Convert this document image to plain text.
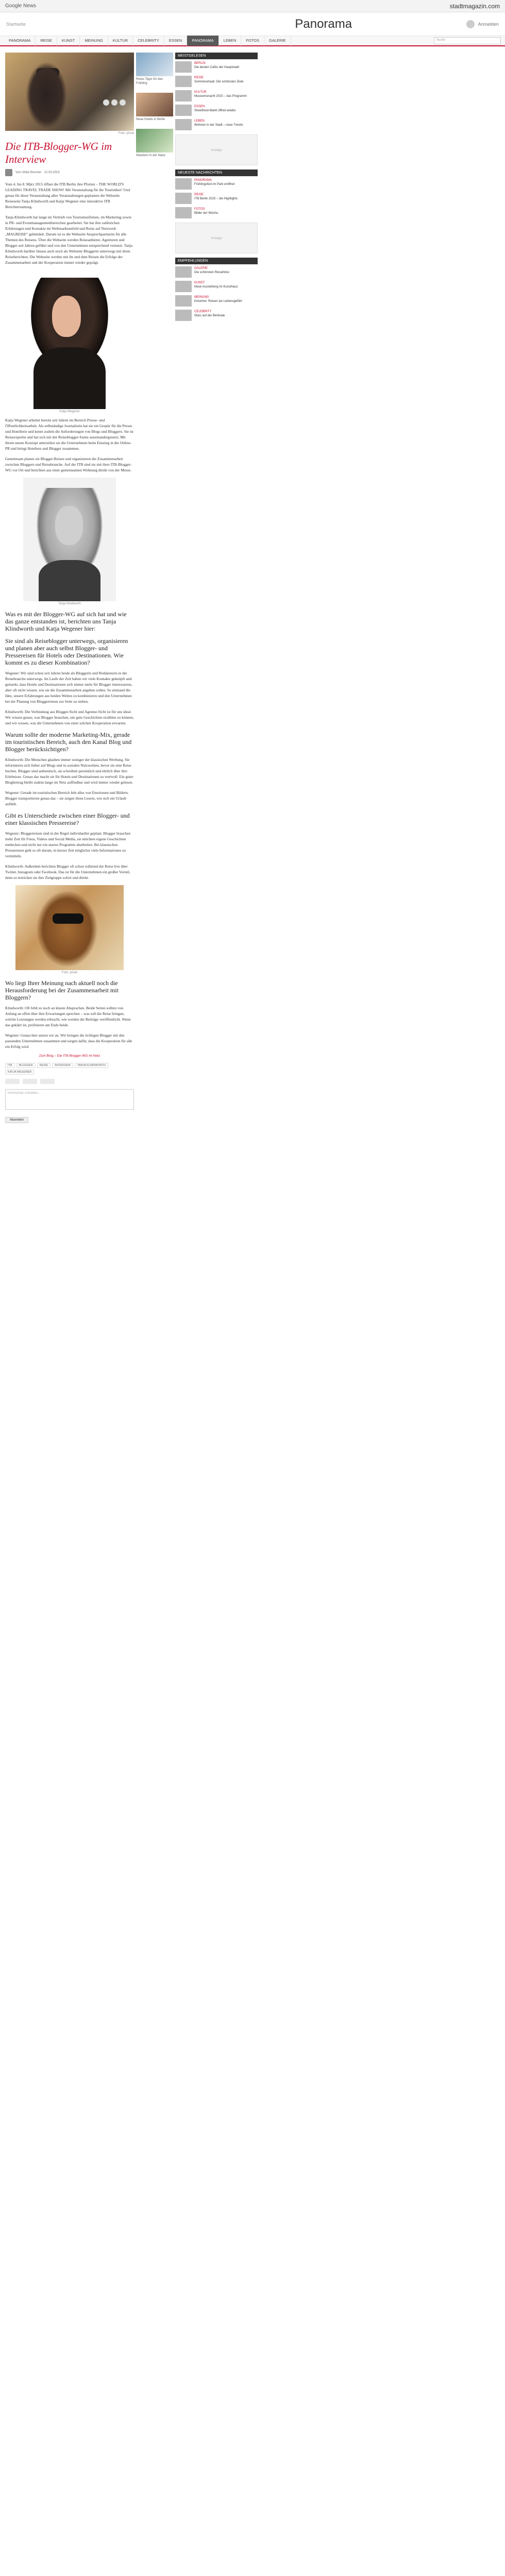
Google News	stadtmagazin.com
Startseite	Panorama	Anmelden
PANORAMA	REISE	KUNST	MEINUNG	KULTUR	CELEBRITY	ESSEN	PANORAMA	LEBEN	FOTOS	GALERIE	Suche
Foto: privat
Die ITB-Blogger-WG im Interview
Von Ulrike Brunner · 12.03.2015

Vom 4. bis 8. März 2015 öffnet die ITB Berlin ihre Pforten – THE WORLD'S LEADING TRAVEL TRADE SHOW! Mit Veranstaltung für die Touristiker! Und genau für diese Veranstaltung alles Veranstaltungen geplanten die Webseite Reiseseite Tanja Klindworth und Katja Wegener eine interaktive ITB Berichterstattung.

Tanja Klindworth hat lange im Vertrieb von Tourismusfirmen, im Marketing sowie in PR- und Eventmanagementbereichen gearbeitet. Sie hat ihre zahlreichen Erfahrungen und Kontakte im Weltmarktumfeld und Reise auf Netzwerk „MAGREISE“ gebündelt. Darum ist es die Webseite Ansprechpartnerin für alle Themen des Reisens. Über die Webseite werden Reiseanbieter, Agenturen und Blogger seit Jahren geführt und von den Unternehmen entsprechend vernetzt. Tanja Klindworth darüber hinaus auch noch als Webseite Bloggerin unterwegs mit ihren Reiseberichten. Die Webseite werden mit ihr und dem Reisen die Erfolge der Zusammenarbeit und der Kooperation immer wieder geprägt.

Katja Wegener

Katja Wegener arbeitet bereits seit Jahren im Bereich Presse- und Öffentlichkeitsarbeit. Als selbständige Journalistin hat sie ein Gespür für die Presse und Hotellerie und kennt zudem die Anforderungen von Blogs und Bloggern. Sie ist Reiseexpertin und hat sich mit der Reiseblogger-Szene auseinandergesetzt. Mit ihrem neuen Konzept unterstützt sie die Unternehmen beim Einstieg in die Online-PR und bringt Hoteliers und Blogger zusammen.

Gemeinsam planen sie Blogger-Reisen und organisieren die Zusammenarbeit zwischen Bloggern und Reisebranche. Auf der ITB sind sie mit ihrer ITB-Blogger-WG vor Ort und berichten aus einer gemeinsamen Wohnung direkt von der Messe.

Tanja Klindworth
Was es mit der Blogger-WG auf sich hat und wie das ganze entstanden ist, berichten uns Tanja Klindworth und Katja Wegener hier:
Sie sind als Reiseblogger unterwegs, organisieren und planen aber auch selbst Blogger- und Pressereisen für Hotels oder Destinationen. Wie kommt es zu dieser Kombination?

Wegener: Wir sind schon seit Jahren beide als Bloggerin und Redakteurin in der Reisebranche unterwegs. Im Laufe der Zeit haben wir viele Kontakte geknüpft und gemerkt, dass Hotels und Destinationen sich immer mehr für Blogger interessieren, aber oft nicht wissen, wie sie die Zusammenarbeit angehen sollen. So entstand die Idee, unsere Erfahrungen aus beiden Welten zu kombinieren und den Unternehmen bei der Planung von Bloggerreisen zur Seite zu stehen.

Klindworth: Die Verbindung aus Blogger-Sicht und Agentur-Sicht ist für uns ideal. Wir wissen genau, was Blogger brauchen, um gute Geschichten erzählen zu können, und wir wissen, was die Unternehmen von einer solchen Kooperation erwarten.

Warum sollte der moderne Marketing-Mix, gerade im touristischen Bereich, auch den Kanal Blog und Blogger berücksichtigen?

Klindworth: Die Menschen glauben immer weniger der klassischen Werbung. Sie informieren sich lieber auf Blogs und in sozialen Netzwerken, bevor sie eine Reise buchen. Blogger sind authentisch, sie schreiben persönlich und ehrlich über ihre Erlebnisse. Genau das macht sie für Hotels und Destinationen so wertvoll. Ein guter Blogbeitrag bleibt zudem lange im Netz auffindbar und wird immer wieder gelesen.

Wegener: Gerade im touristischen Bereich lebt alles von Emotionen und Bildern. Blogger transportieren genau das – sie zeigen ihren Lesern, wie sich ein Urlaub anfühlt.

Gibt es Unterschiede zwischen einer Blogger- und einer klassischen Pressereise?

Wegener: Bloggerreisen sind in der Regel individueller geplant. Blogger brauchen mehr Zeit für Fotos, Videos und Social Media, sie möchten eigene Geschichten entdecken und nicht nur ein starres Programm abarbeiten. Bei klassischen Pressereisen geht es oft darum, in kurzer Zeit möglichst viele Informationen zu vermitteln.

Klindworth: Außerdem berichten Blogger oft schon während der Reise live über Twitter, Instagram oder Facebook. Das ist für die Unternehmen ein großer Vorteil, denn so erreichen sie ihre Zielgruppe sofort und direkt.

Foto: privat
Wo liegt Ihrer Meinung nach aktuell noch die Herausforderung bei der Zusammenarbeit mit Bloggern?

Klindworth: Oft fehlt es noch an klaren Absprachen. Beide Seiten sollten von Anfang an offen über ihre Erwartungen sprechen – was soll die Reise bringen, welche Leistungen werden erbracht, wie werden die Beiträge veröffentlicht. Wenn das geklärt ist, profitieren am Ende beide.

Wegener: Genau hier setzen wir an. Wir bringen die richtigen Blogger mit den passenden Unternehmen zusammen und sorgen dafür, dass die Kooperation für alle ein Erfolg wird.

Zum Blog – Die ITB-Blogger-WG im Netz
ITB	BLOGGER	REISE	INTERVIEW	TANJA KLINDWORTH
KATJA WEGENER
Kommentar schreiben…
Absenden
Reise-Tipps für den Frühling
Neue Hotels in Berlin
Wandern in der Natur
MEISTGELESEN
BERLIN
Die besten Cafés der Hauptstadt
REISE
Sommerurlaub: Die schönsten Ziele
KULTUR
Museumsnacht 2015 – das Programm
ESSEN
Streetfood-Markt öffnet wieder
LEBEN
Wohnen in der Stadt – neue Trends
Anzeige
NEUESTE NACHRICHTEN
PANORAMA
Frühlingsfest im Park eröffnet
REISE
ITB Berlin 2015 – die Highlights
FOTOS
Bilder der Woche
Anzeige
EMPFEHLUNGEN
GALERIE
Die schönsten Reisefotos
KUNST
Neue Ausstellung im Kunsthaus
MEINUNG
Kolumne: Reisen als Lebensgefühl
CELEBRITY
Stars auf der Berlinale
